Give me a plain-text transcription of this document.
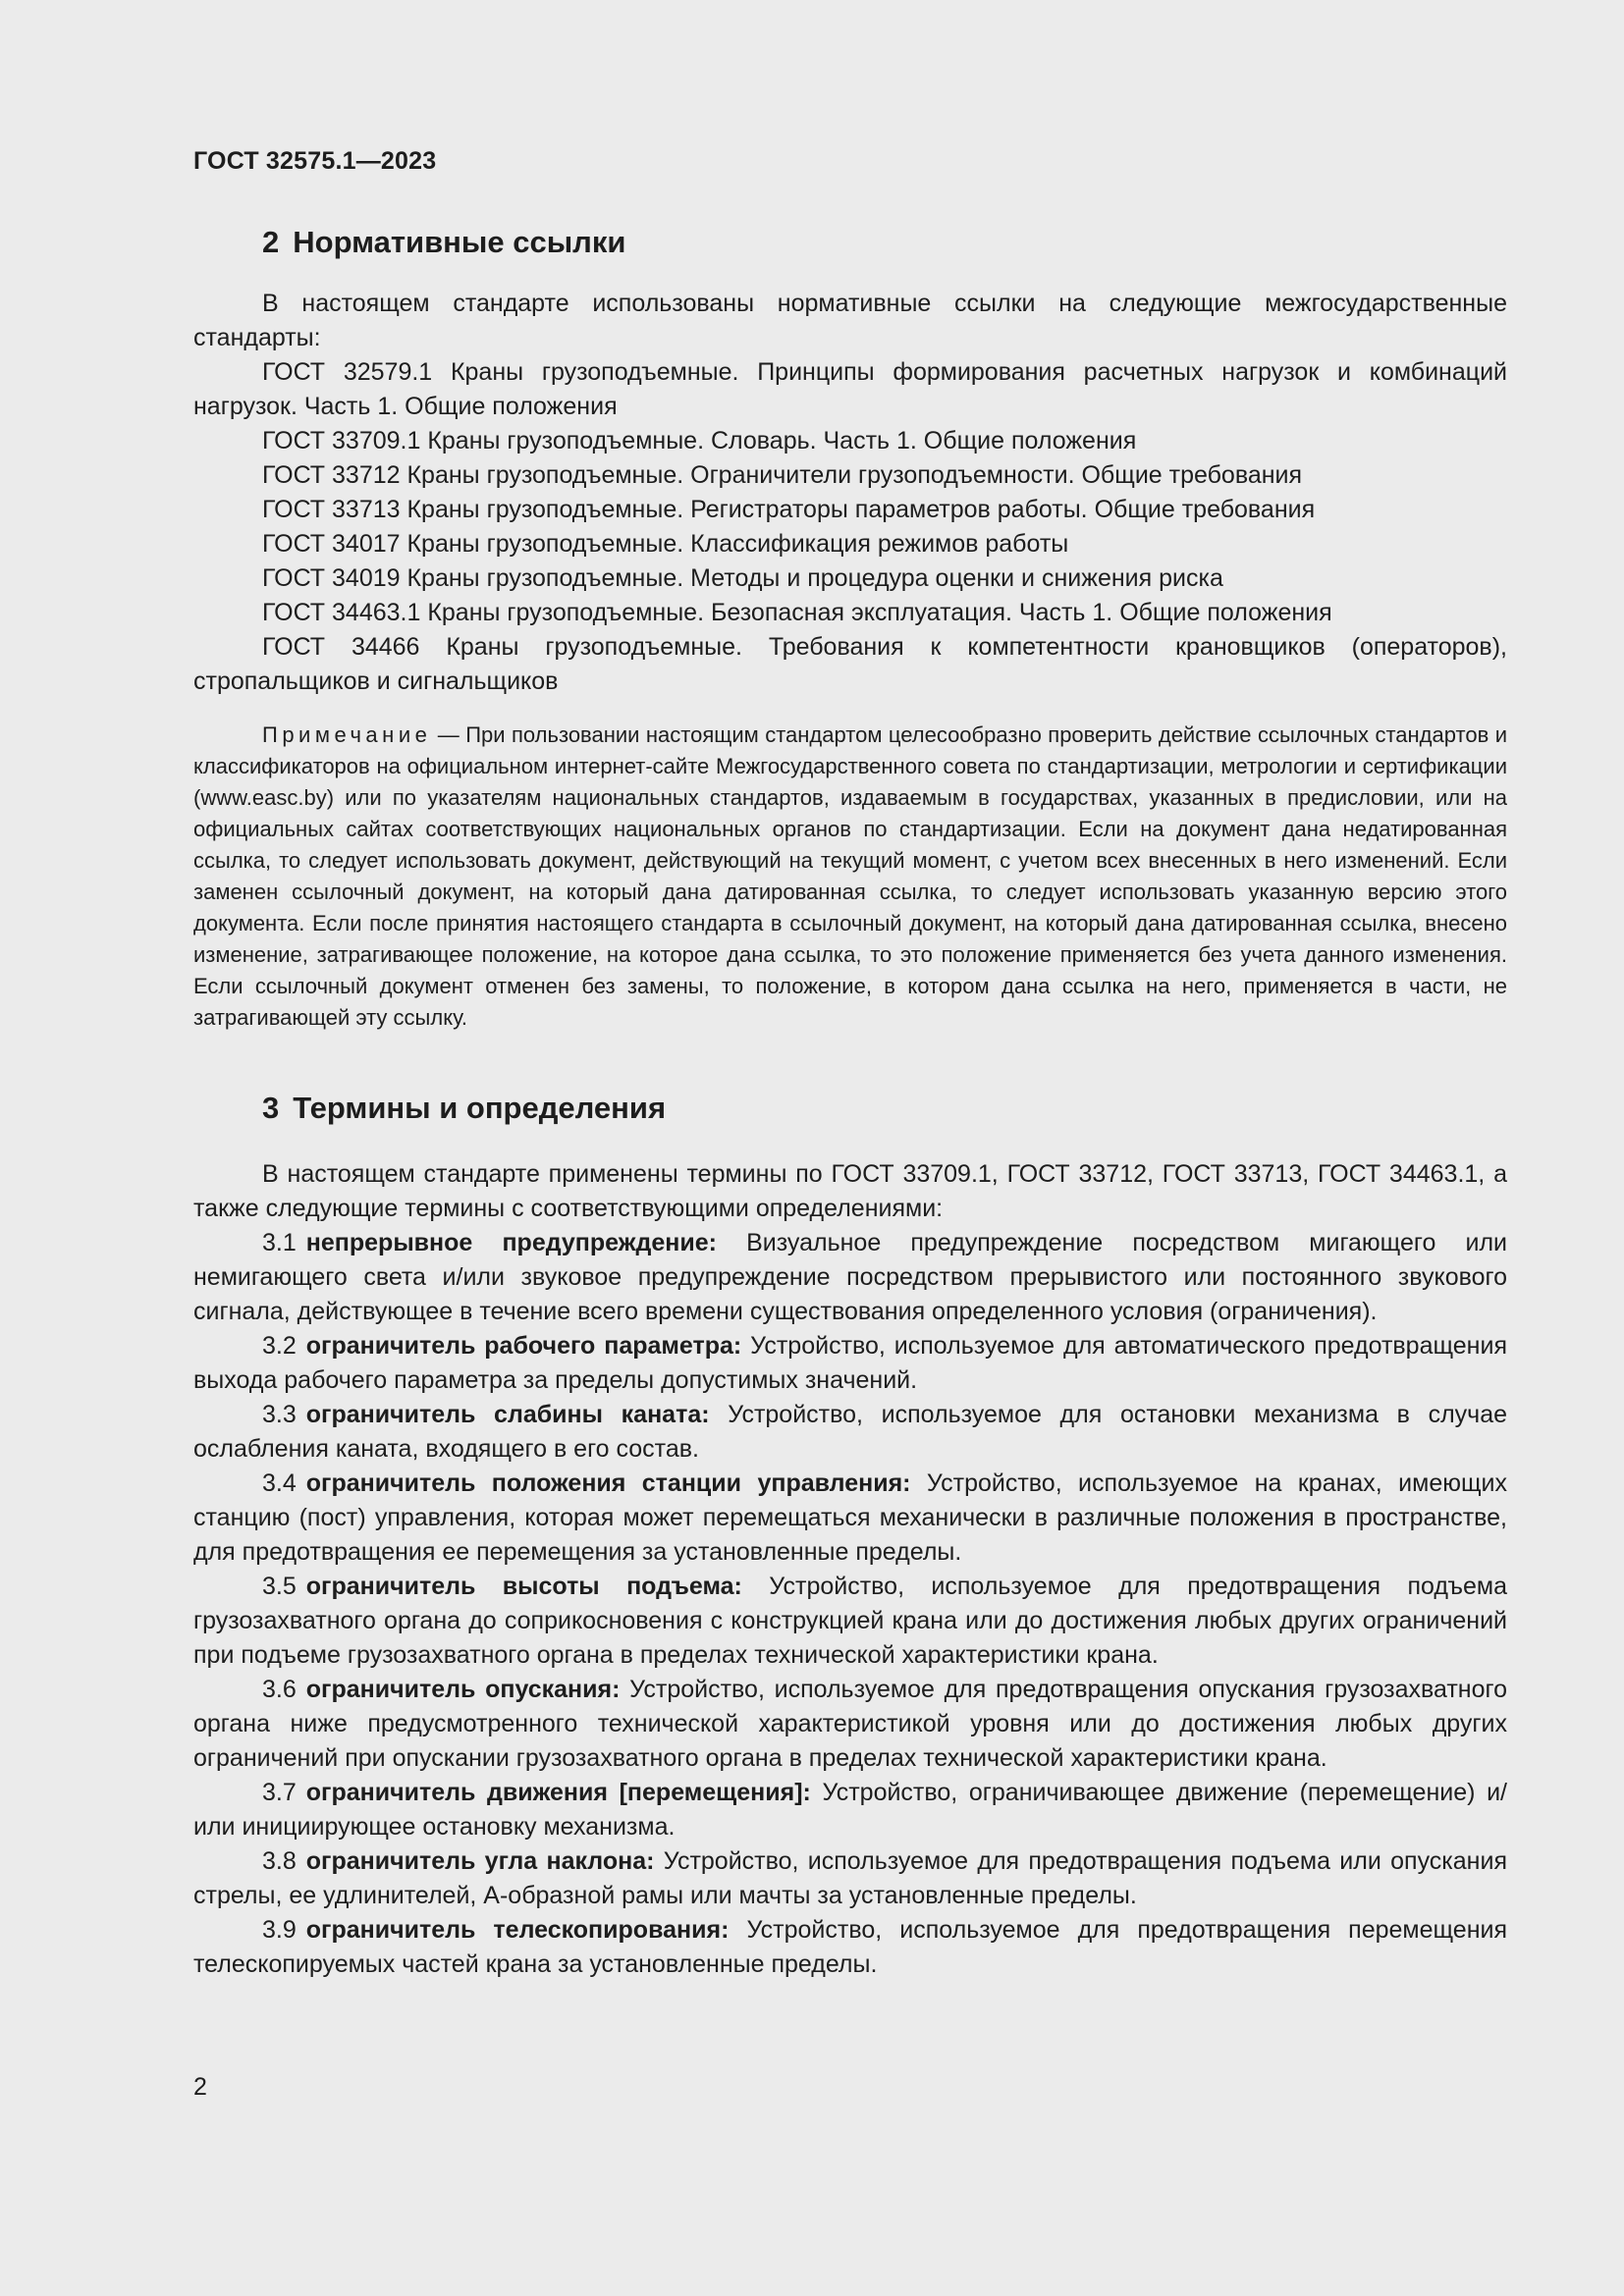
ГОСТ 32575.1—2023
2 Нормативные ссылки

В настоящем стандарте использованы нормативные ссылки на следующие межгосударственные стандарты:

ГОСТ 32579.1 Краны грузоподъемные. Принципы формирования расчетных нагрузок и комбинаций нагрузок. Часть 1. Общие положения

ГОСТ 33709.1 Краны грузоподъемные. Словарь. Часть 1. Общие положения

ГОСТ 33712 Краны грузоподъемные. Ограничители грузоподъемности. Общие требования

ГОСТ 33713 Краны грузоподъемные. Регистраторы параметров работы. Общие требования

ГОСТ 34017 Краны грузоподъемные. Классификация режимов работы

ГОСТ 34019 Краны грузоподъемные. Методы и процедура оценки и снижения риска

ГОСТ 34463.1 Краны грузоподъемные. Безопасная эксплуатация. Часть 1. Общие положения

ГОСТ 34466 Краны грузоподъемные. Требования к компетентности крановщиков (операторов), стропальщиков и сигнальщиков

Примечание — При пользовании настоящим стандартом целесообразно проверить действие ссылочных стандартов и классификаторов на официальном интернет-сайте Межгосударственного совета по стандартизации, метрологии и сертификации (www.easc.by) или по указателям национальных стандартов, издаваемым в государствах, указанных в предисловии, или на официальных сайтах соответствующих национальных органов по стандартизации. Если на документ дана недатированная ссылка, то следует использовать документ, действующий на текущий момент, с учетом всех внесенных в него изменений. Если заменен ссылочный документ, на который дана датированная ссылка, то следует использовать указанную версию этого документа. Если после принятия настоящего стандарта в ссылочный документ, на который дана датированная ссылка, внесено изменение, затрагивающее положение, на которое дана ссылка, то это положение применяется без учета данного изменения. Если ссылочный документ отменен без замены, то положение, в котором дана ссылка на него, применяется в части, не затрагивающей эту ссылку.

3 Термины и определения

В настоящем стандарте применены термины по ГОСТ 33709.1, ГОСТ 33712, ГОСТ 33713, ГОСТ 34463.1, а также следующие термины с соответствующими определениями:

3.1 непрерывное предупреждение: Визуальное предупреждение посредством мигающего или немигающего света и/или звуковое предупреждение посредством прерывистого или постоянного звукового сигнала, действующее в течение всего времени существования определенного условия (ограничения).

3.2 ограничитель рабочего параметра: Устройство, используемое для автоматического предотвращения выхода рабочего параметра за пределы допустимых значений.

3.3 ограничитель слабины каната: Устройство, используемое для остановки механизма в случае ослабления каната, входящего в его состав.

3.4 ограничитель положения станции управления: Устройство, используемое на кранах, имеющих станцию (пост) управления, которая может перемещаться механически в различные положения в пространстве, для предотвращения ее перемещения за установленные пределы.

3.5 ограничитель высоты подъема: Устройство, используемое для предотвращения подъема грузозахватного органа до соприкосновения с конструкцией крана или до достижения любых других ограничений при подъеме грузозахватного органа в пределах технической характеристики крана.

3.6 ограничитель опускания: Устройство, используемое для предотвращения опускания грузозахватного органа ниже предусмотренного технической характеристикой уровня или до достижения любых других ограничений при опускании грузозахватного органа в пределах технической характеристики крана.

3.7 ограничитель движения [перемещения]: Устройство, ограничивающее движение (перемещение) и/или инициирующее остановку механизма.

3.8 ограничитель угла наклона: Устройство, используемое для предотвращения подъема или опускания стрелы, ее удлинителей, A-образной рамы или мачты за установленные пределы.

3.9 ограничитель телескопирования: Устройство, используемое для предотвращения перемещения телескопируемых частей крана за установленные пределы.

2
